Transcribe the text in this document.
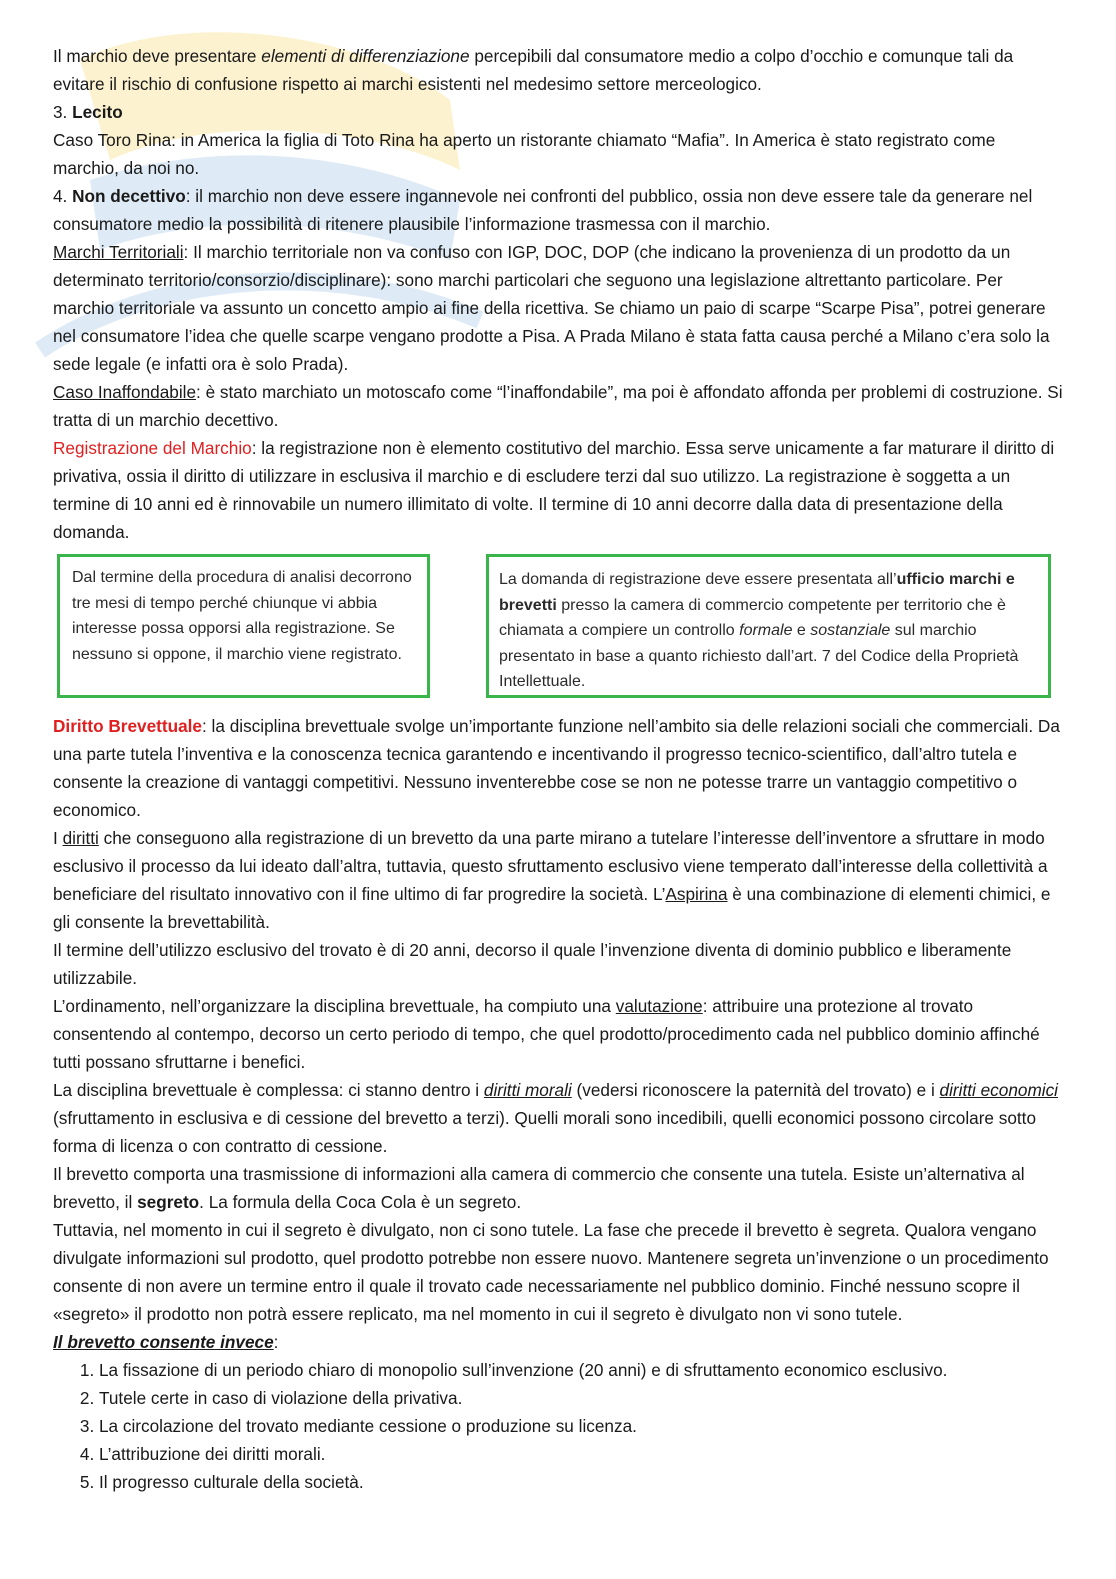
Il marchio deve presentare elementi di differenziazione percepibili dal consumatore medio a colpo d’occhio e comunque tali da evitare il rischio di confusione rispetto ai marchi esistenti nel medesimo settore merceologico.

3. Lecito

Caso Toro Rina: in America la figlia di Toto Rina ha aperto un ristorante chiamato “Mafia”. In America è stato registrato come marchio, da noi no.

4. Non decettivo: il marchio non deve essere ingannevole nei confronti del pubblico, ossia non deve essere tale da generare nel consumatore medio la possibilità di ritenere plausibile l’informazione trasmessa con il marchio.

Marchi Territoriali: Il marchio territoriale non va confuso con IGP, DOC, DOP (che indicano la provenienza di un prodotto da un determinato territorio/consorzio/disciplinare): sono marchi particolari che seguono una legislazione altrettanto particolare. Per marchio territoriale va assunto un concetto ampio ai fine della ricettiva. Se chiamo un paio di scarpe “Scarpe Pisa”, potrei generare nel consumatore l’idea che quelle scarpe vengano prodotte a Pisa. A Prada Milano è stata fatta causa perché a Milano c’era solo la sede legale (e infatti ora è solo Prada).

Caso Inaffondabile: è stato marchiato un motoscafo come “l’inaffondabile”, ma poi è affondato affonda per problemi di costruzione. Si tratta di un marchio decettivo.

Registrazione del Marchio: la registrazione non è elemento costitutivo del marchio. Essa serve unicamente a far maturare il diritto di privativa, ossia il diritto di utilizzare in esclusiva il marchio e di escludere terzi dal suo utilizzo. La registrazione è soggetta a un termine di 10 anni ed è rinnovabile un numero illimitato di volte. Il termine di 10 anni decorre dalla data di presentazione della domanda.

Dal termine della procedura di analisi decorrono tre mesi di tempo perché chiunque vi abbia interesse possa opporsi alla registrazione. Se nessuno si oppone, il marchio viene registrato.
La domanda di registrazione deve essere presentata all’ufficio marchi e brevetti presso la camera di commercio competente per territorio che è chiamata a compiere un controllo formale e sostanziale sul marchio presentato in base a quanto richiesto dall’art. 7 del Codice della Proprietà Intellettuale.

Diritto Brevettuale: la disciplina brevettuale svolge un’importante funzione nell’ambito sia delle relazioni sociali che commerciali. Da una parte tutela l’inventiva e la conoscenza tecnica garantendo e incentivando il progresso tecnico-scientifico, dall’altro tutela e consente la creazione di vantaggi competitivi. Nessuno inventerebbe cose se non ne potesse trarre un vantaggio competitivo o economico.

I diritti che conseguono alla registrazione di un brevetto da una parte mirano a tutelare l’interesse dell’inventore a sfruttare in modo esclusivo il processo da lui ideato dall’altra, tuttavia, questo sfruttamento esclusivo viene temperato dall’interesse della collettività a beneficiare del risultato innovativo con il fine ultimo di far progredire la società. L’Aspirina è una combinazione di elementi chimici, e gli consente la brevettabilità.

Il termine dell’utilizzo esclusivo del trovato è di 20 anni, decorso il quale l’invenzione diventa di dominio pubblico e liberamente utilizzabile.

L’ordinamento, nell’organizzare la disciplina brevettuale, ha compiuto una valutazione: attribuire una protezione al trovato consentendo al contempo, decorso un certo periodo di tempo, che quel prodotto/procedimento cada nel pubblico dominio affinché tutti possano sfruttarne i benefici.

La disciplina brevettuale è complessa: ci stanno dentro i diritti morali (vedersi riconoscere la paternità del trovato) e i diritti economici (sfruttamento in esclusiva e di cessione del brevetto a terzi). Quelli morali sono incedibili, quelli economici possono circolare sotto forma di licenza o con contratto di cessione.

Il brevetto comporta una trasmissione di informazioni alla camera di commercio che consente una tutela. Esiste un’alternativa al brevetto, il segreto. La formula della Coca Cola è un segreto.

Tuttavia, nel momento in cui il segreto è divulgato, non ci sono tutele. La fase che precede il brevetto è segreta. Qualora vengano divulgate informazioni sul prodotto, quel prodotto potrebbe non essere nuovo. Mantenere segreta un’invenzione o un procedimento consente di non avere un termine entro il quale il trovato cade necessariamente nel pubblico dominio. Finché nessuno scopre il «segreto» il prodotto non potrà essere replicato, ma nel momento in cui il segreto è divulgato non vi sono tutele.

Il brevetto consente invece:

1. La fissazione di un periodo chiaro di monopolio sull’invenzione (20 anni) e di sfruttamento economico esclusivo.
2. Tutele certe in caso di violazione della privativa.
3. La circolazione del trovato mediante cessione o produzione su licenza.
4. L’attribuzione dei diritti morali.
5. Il progresso culturale della società.
